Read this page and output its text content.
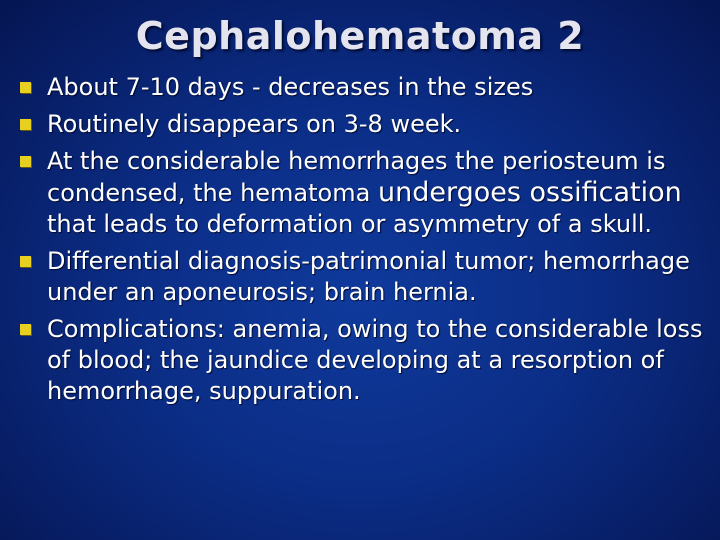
Cephalohematoma 2
About 7-10 days - decreases in the sizes
Routinely disappears on 3-8 week.
At the considerable hemorrhages the periosteum is condensed, the hematoma undergoes ossification that leads to deformation or asymmetry of a skull.
Differential diagnosis-patrimonial tumor; hemorrhage under an aponeurosis; brain hernia.
Complications: anemia, owing to the considerable loss of blood; the jaundice developing at a resorption of hemorrhage, suppuration.
